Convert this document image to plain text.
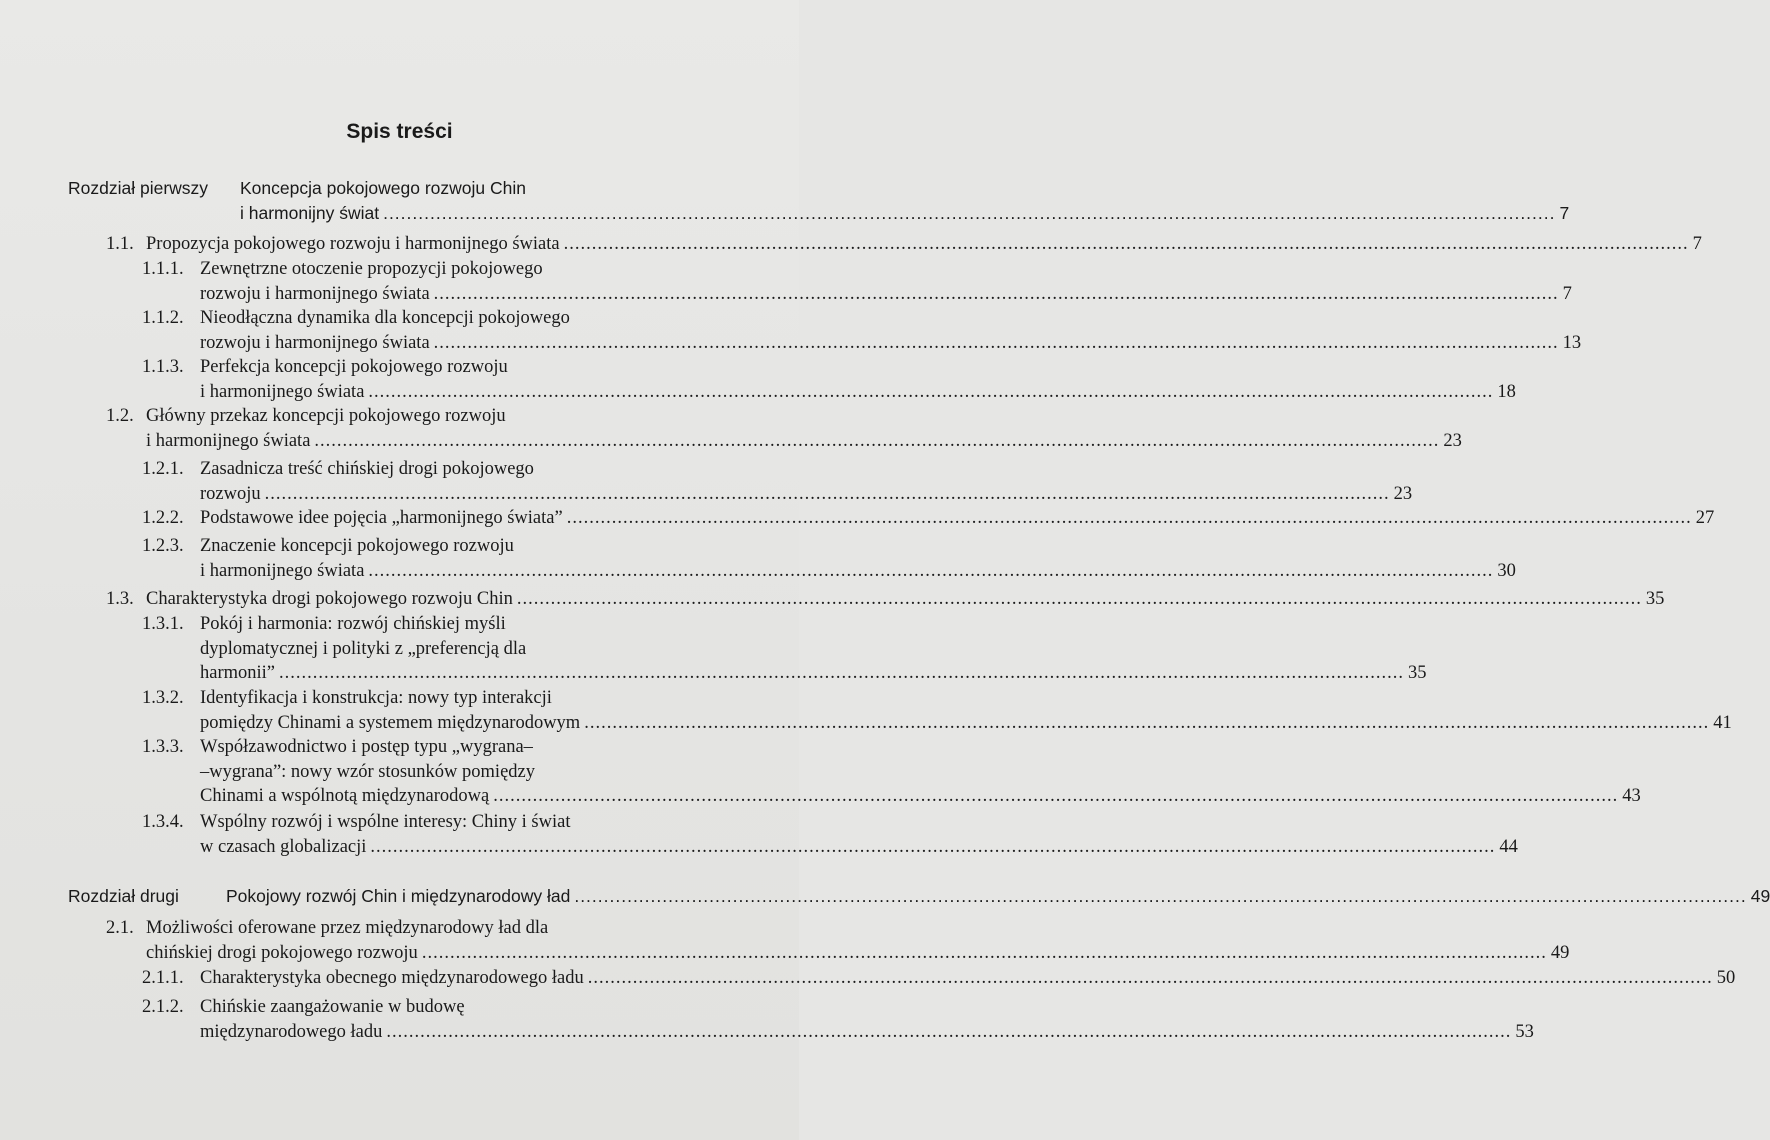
Spis treści
Rozdział pierwszy Koncepcja pokojowego rozwoju Chin
i harmonijny świat ........................................................................................................................................................................................................ 7
1.1. Propozycja pokojowego rozwoju i harmonijnego świata ........................................................................................................................................................................................................ 7
1.1.1. Zewnętrzne otoczenie propozycji pokojowego
rozwoju i harmonijnego świata ........................................................................................................................................................................................................ 7
1.1.2. Nieodłączna dynamika dla koncepcji pokojowego
rozwoju i harmonijnego świata ........................................................................................................................................................................................................ 13
1.1.3. Perfekcja koncepcji pokojowego rozwoju
i harmonijnego świata ........................................................................................................................................................................................................ 18
1.2. Główny przekaz koncepcji pokojowego rozwoju
i harmonijnego świata ........................................................................................................................................................................................................ 23
1.2.1. Zasadnicza treść chińskiej drogi pokojowego
rozwoju ........................................................................................................................................................................................................ 23
1.2.2. Podstawowe idee pojęcia „harmonijnego świata” ........................................................................................................................................................................................................ 27
1.2.3. Znaczenie koncepcji pokojowego rozwoju
i harmonijnego świata ........................................................................................................................................................................................................ 30
1.3. Charakterystyka drogi pokojowego rozwoju Chin ........................................................................................................................................................................................................ 35
1.3.1. Pokój i harmonia: rozwój chińskiej myśli
dyplomatycznej i polityki z „preferencją dla
harmonii” ........................................................................................................................................................................................................ 35
1.3.2. Identyfikacja i konstrukcja: nowy typ interakcji
pomiędzy Chinami a systemem międzynarodowym ........................................................................................................................................................................................................ 41
1.3.3. Współzawodnictwo i postęp typu „wygrana–
–wygrana”: nowy wzór stosunków pomiędzy
Chinami a wspólnotą międzynarodową ........................................................................................................................................................................................................ 43
1.3.4. Wspólny rozwój i wspólne interesy: Chiny i świat
w czasach globalizacji ........................................................................................................................................................................................................ 44
Rozdział drugi	Pokojowy rozwój Chin i międzynarodowy ład ........................................................................................................................................................................................................ 49
2.1. Możliwości oferowane przez międzynarodowy ład dla
chińskiej drogi pokojowego rozwoju ........................................................................................................................................................................................................ 49
2.1.1. Charakterystyka obecnego międzynarodowego ładu ........................................................................................................................................................................................................ 50
2.1.2. Chińskie zaangażowanie w budowę
międzynarodowego ładu ........................................................................................................................................................................................................ 53
